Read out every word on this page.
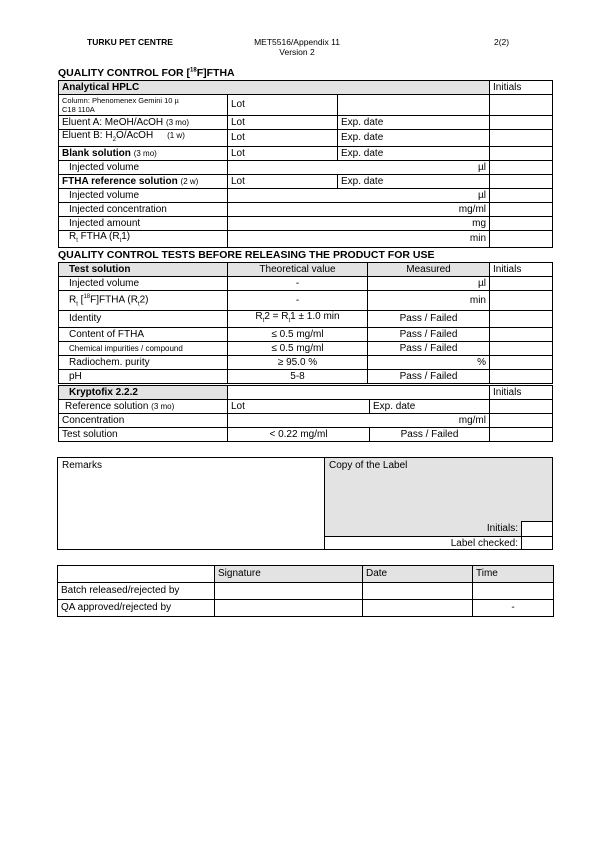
TURKU PET CENTRE	MET5516/Appendix 11
Version 2
2(2)
QUALITY CONTROL FOR [$^{18}$F]FTHA
Analytical HPLC			Initials

Column: Phenomenex Gemini 10 µ
C18 110A	Lot		
Eluent A: MeOH/AcOH (3 mo)	Lot	Exp. date	
Eluent B: $H_2O$/AcOH (1 w)	Lot	Exp. date	
Blank solution (3 mo)	Lot	Exp. date	
Injected volume	µl		
FTHA reference solution (2 w)	Lot	Exp. date	
Injected volume	µl		
Injected concentration	mg/ml		
Injected amount	mg		
$R_t$ FTHA $(R_t1)$	min		
QUALITY CONTROL TESTS BEFORE RELEASING THE PRODUCT FOR USE
Test solution	Theoretical value	Measured	Initials
Injected volume	-	µl	
$R_t$ [$^{18}$F]FTHA $(R_t2)$	-	min	
Identity	$R_t2 = R_t1 \pm 1.0$ min	Pass / Failed	
Content of FTHA	≤ 0.5 mg/ml	Pass / Failed	
Chemical impurities / compound	≤ 0.5 mg/ml	Pass / Failed	
Radiochem. purity	≥ 95.0 %	%	
pH	5-8	Pass / Failed	
Kryptofix 2.2.2			Initials
Reference solution (3 mo)	Lot	Exp. date	
Concentration	mg/ml		
Test solution	< 0.22 mg/ml	Pass / Failed	
Remarks	Copy of the Label
Initials:
Label checked:
	Signature	Date	Time
Batch released/rejected by			
QA approved/rejected by			-
